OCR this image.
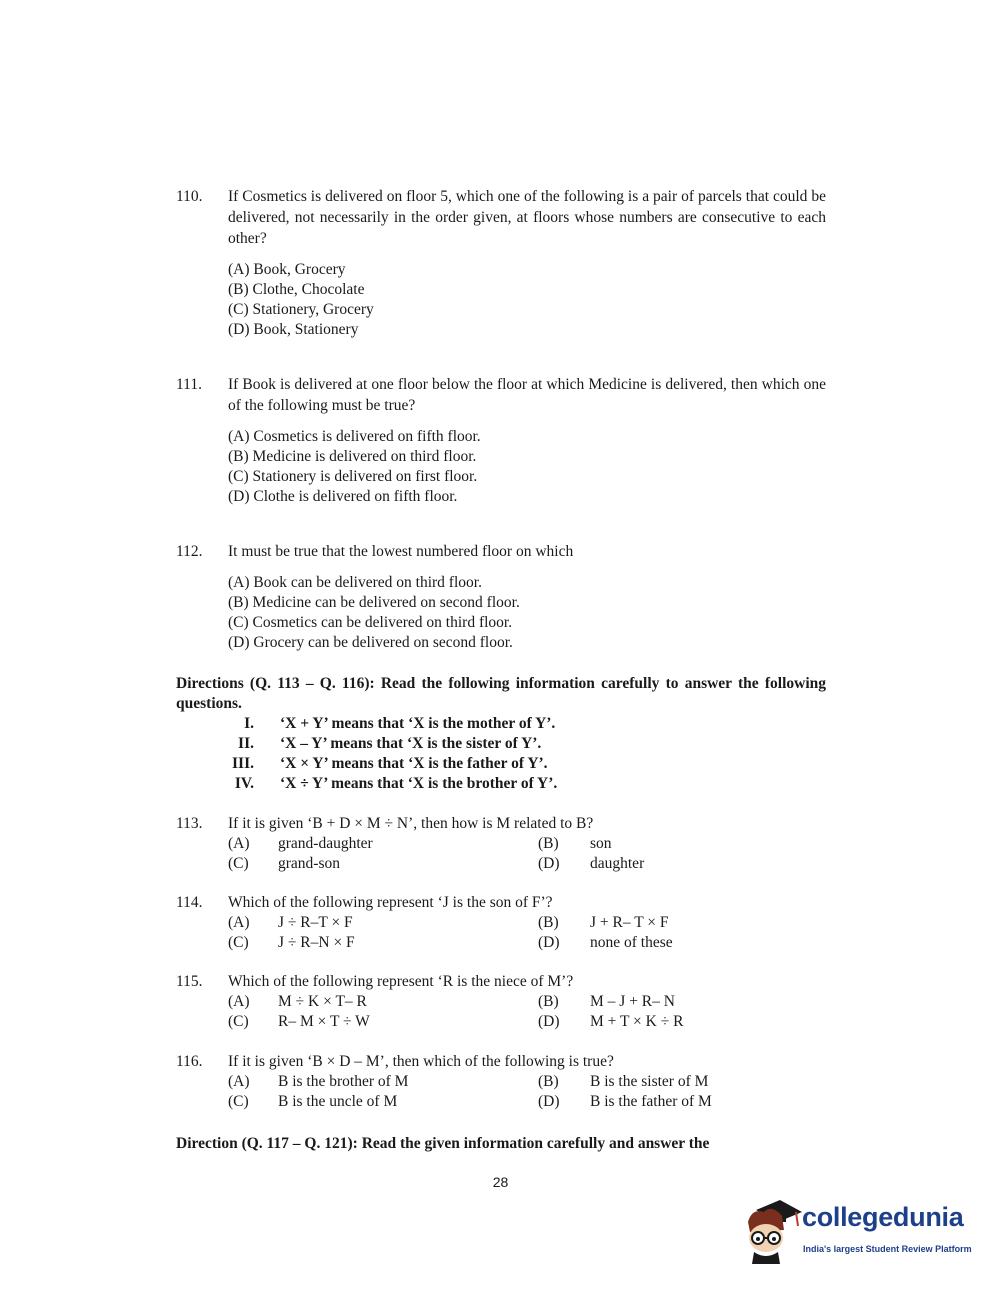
110.	If Cosmetics is delivered on floor 5, which one of the following is a pair of parcels that could be delivered, not necessarily in the order given, at floors whose numbers are consecutive to each other?
(A) Book, Grocery
(B) Clothe, Chocolate
(C) Stationery, Grocery
(D) Book, Stationery
111.	If Book is delivered at one floor below the floor at which Medicine is delivered, then which one of the following must be true?
(A) Cosmetics is delivered on fifth floor.
(B) Medicine is delivered on third floor.
(C) Stationery is delivered on first floor.
(D) Clothe is delivered on fifth floor.
112.	It must be true that the lowest numbered floor on which
(A) Book can be delivered on third floor.
(B) Medicine can be delivered on second floor.
(C) Cosmetics can be delivered on third floor.
(D) Grocery can be delivered on second floor.
Directions (Q. 113 – Q. 116): Read the following information carefully to answer the following questions.
I. ‘X + Y’ means that ‘X is the mother of Y’.
II. ‘X – Y’ means that ‘X is the sister of Y’.
III. ‘X × Y’ means that ‘X is the father of Y’.
IV. ‘X ÷ Y’ means that ‘X is the brother of Y’.
113.	If it is given ‘B + D × M ÷ N’, then how is M related to B?
(A) grand-daughter	(B) son
(C) grand-son	(D) daughter
114.	Which of the following represent ‘J is the son of F’?
(A) J ÷ R–T × F	(B) J + R– T × F
(C) J ÷ R–N × F	(D) none of these
115.	Which of the following represent ‘R is the niece of M’?
(A) M ÷ K × T– R	(B) M – J + R– N
(C) R– M × T ÷ W	(D) M + T × K ÷ R
116.	If it is given ‘B × D – M’, then which of the following is true?
(A) B is the brother of M	(B) B is the sister of M
(C) B is the uncle of M	(D) B is the father of M
Direction (Q. 117 – Q. 121): Read the given information carefully and answer the
28
collegedunia
India's largest Student Review Platform
